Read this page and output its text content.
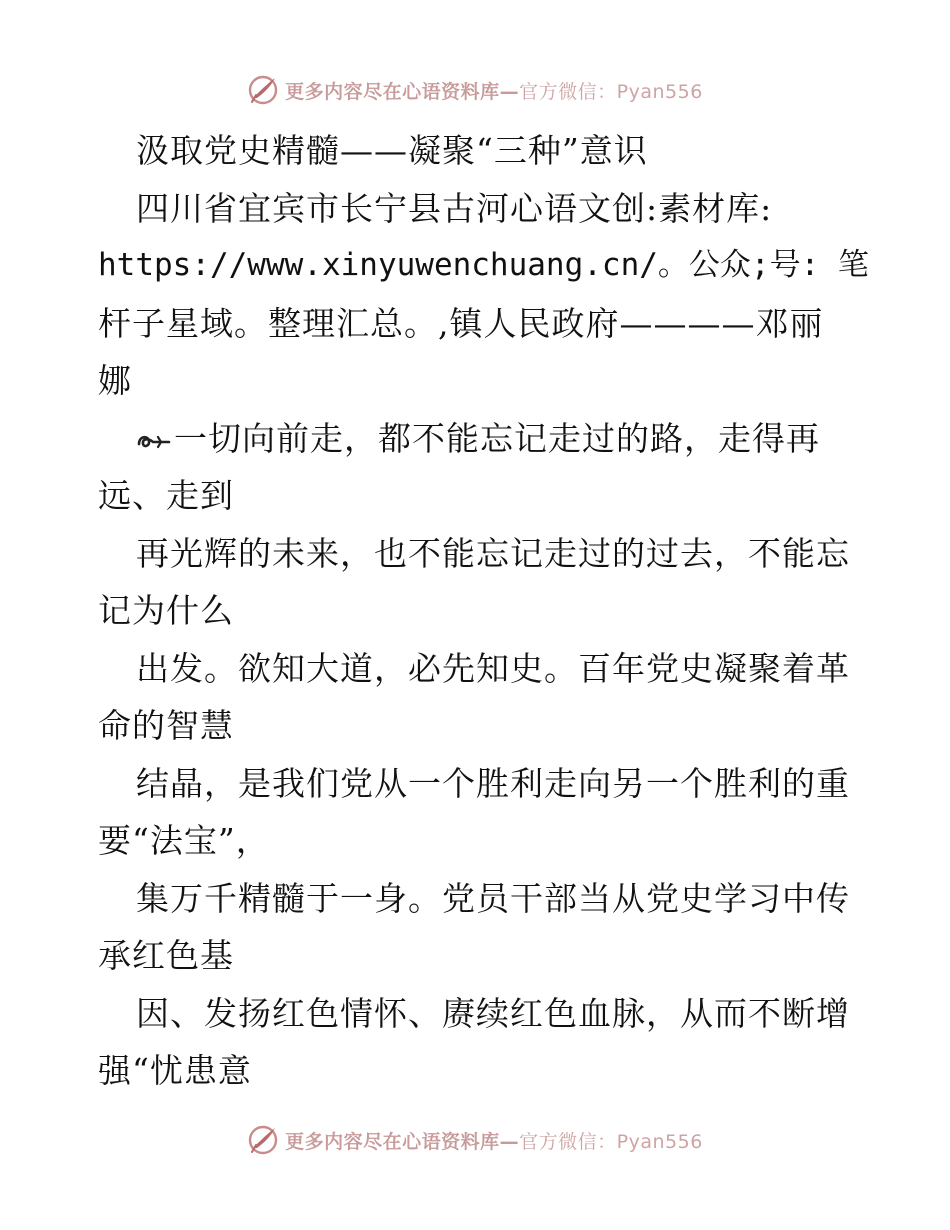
更多内容尽在心语资料库—官方微信：Pyan556
汲取党史精髓——凝聚“三种”意识
四川省宜宾市长宁县古河心语文创:素材库:
https://www.xinyuwenchuang.cn/。公众;号: 笔
杆子星域。整理汇总。,镇人民政府————邓丽
娜
一切向前走，都不能忘记走过的路，走得再
远、走到
再光辉的未来，也不能忘记走过的过去，不能忘
记为什么
出发。欲知大道，必先知史。百年党史凝聚着革
命的智慧
结晶，是我们党从一个胜利走向另一个胜利的重
要“法宝”，
集万千精髓于一身。党员干部当从党史学习中传
承红色基
因、发扬红色情怀、赓续红色血脉，从而不断增
强“忧患意
更多内容尽在心语资料库—官方微信：Pyan556
